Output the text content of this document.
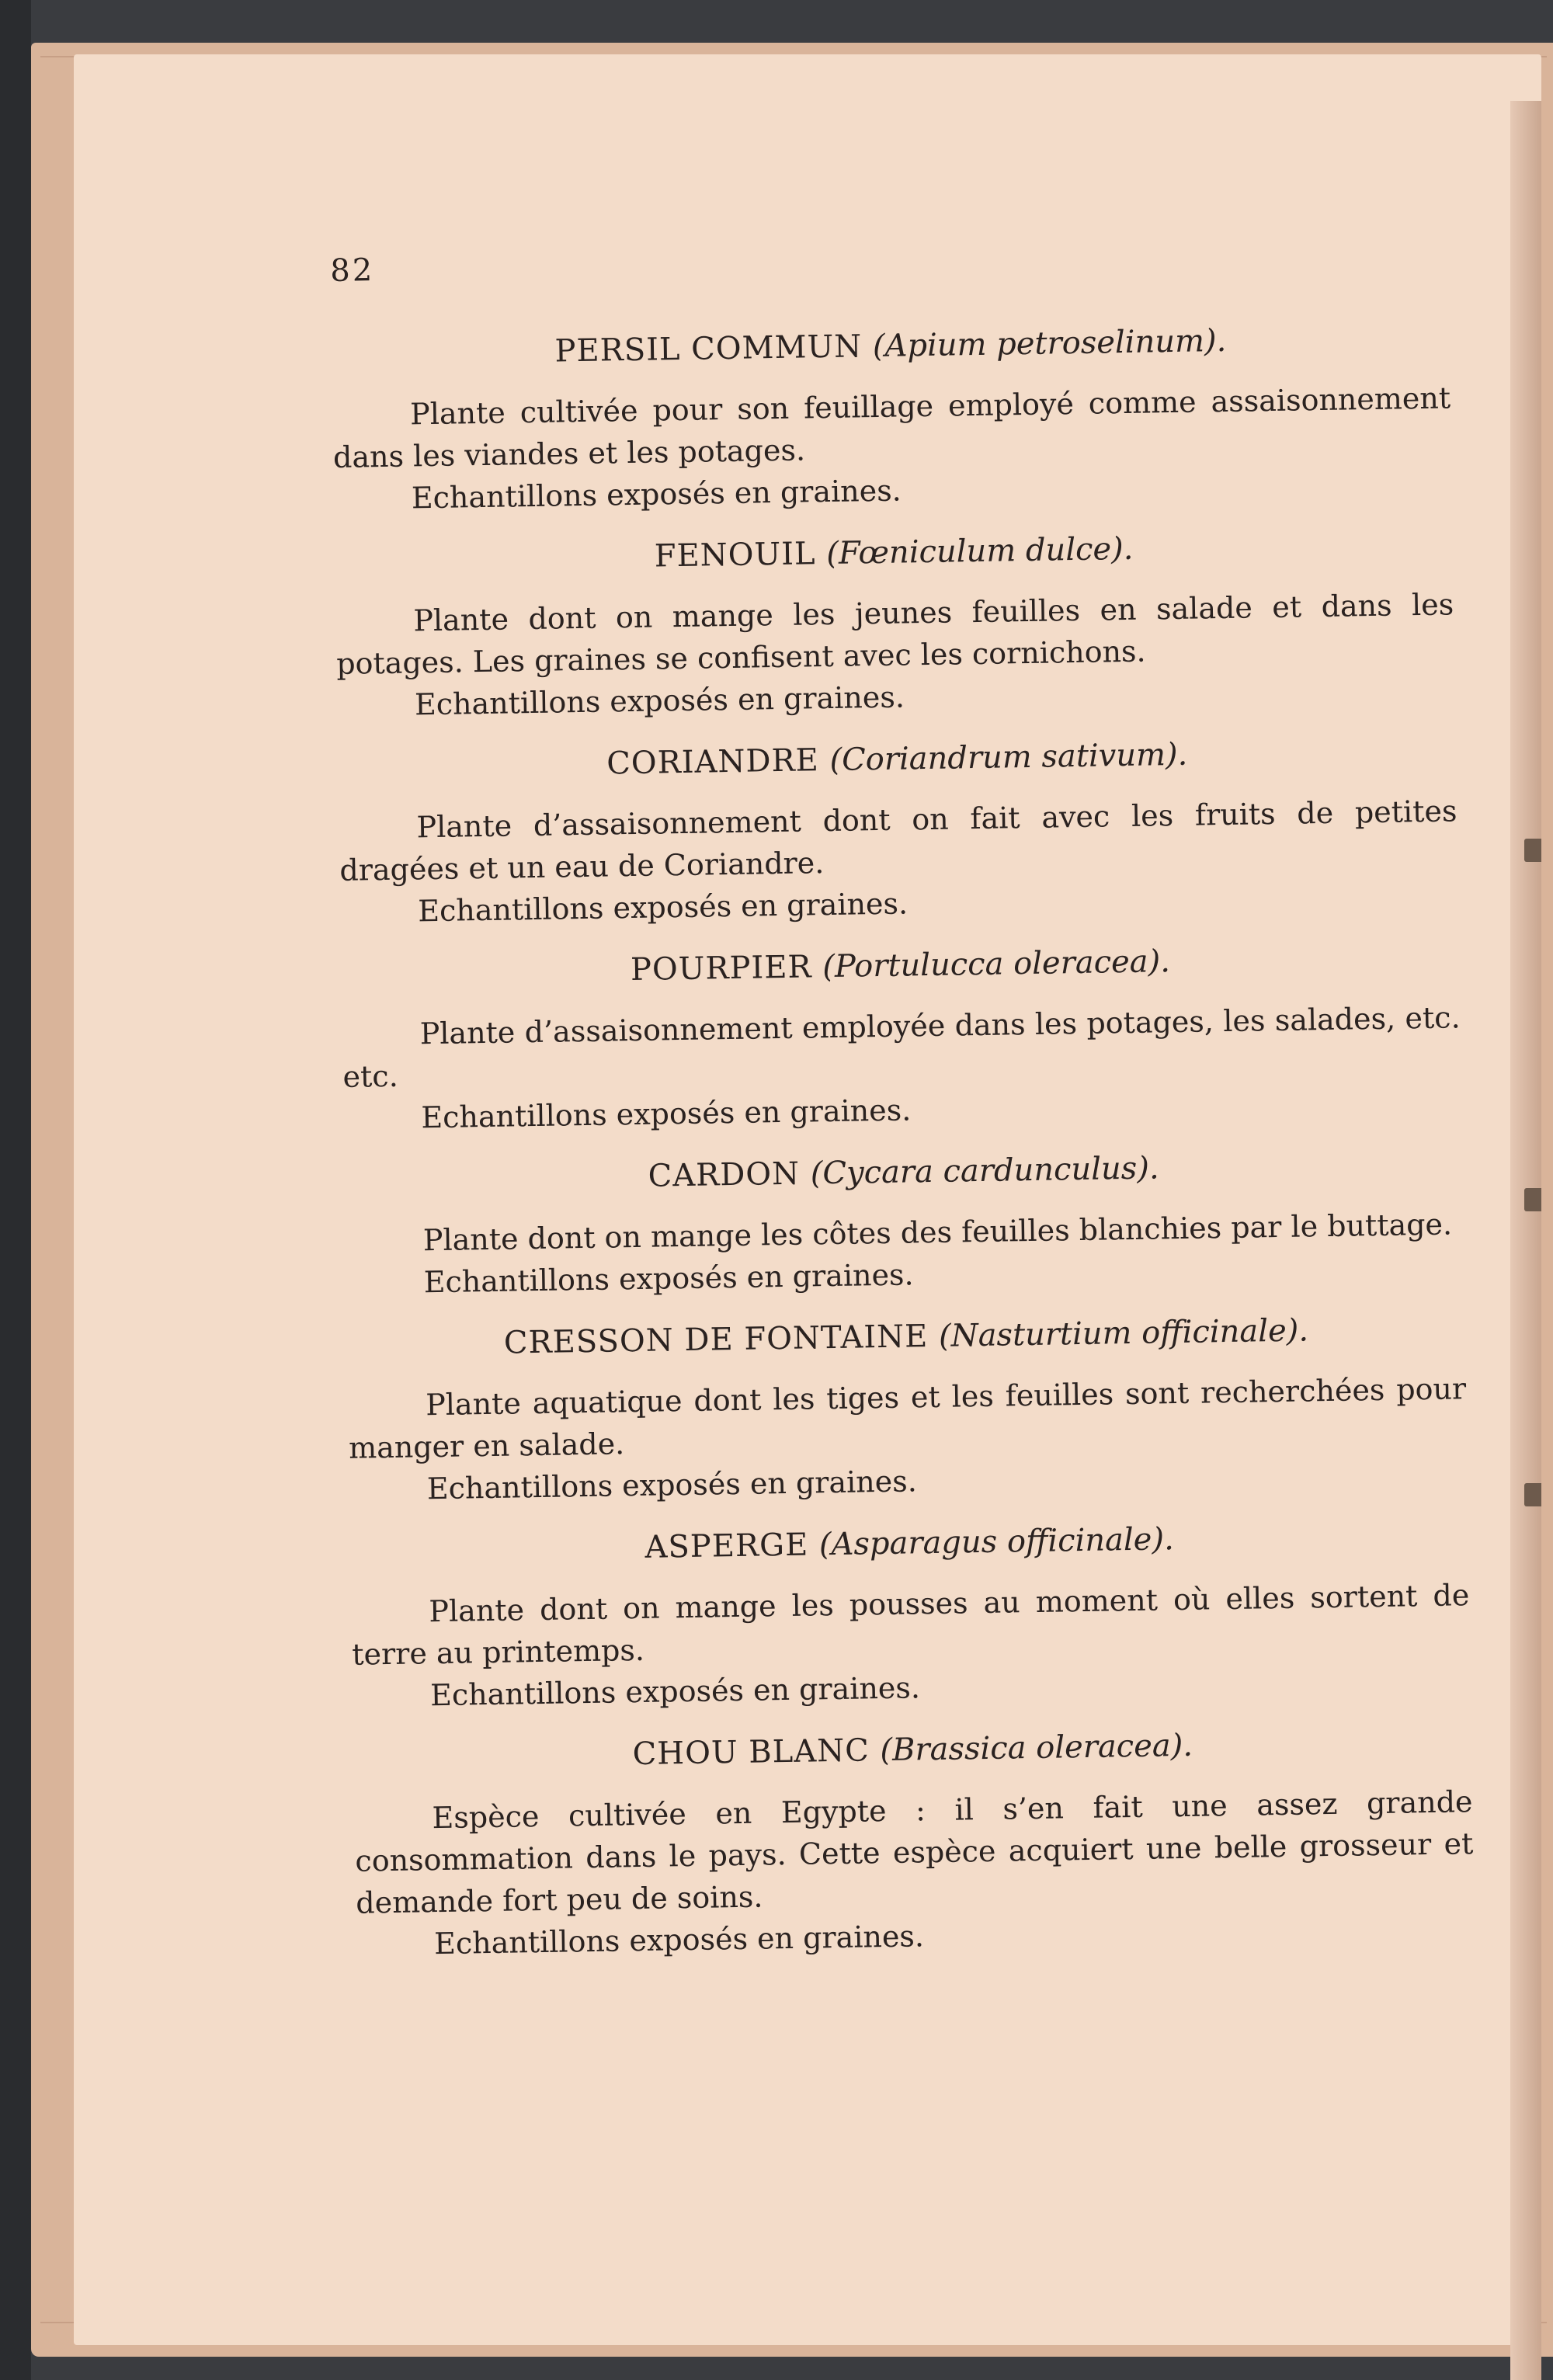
82

PERSIL COMMUN (Apium petroselinum).

Plante cultivée pour son feuillage employé comme assaisonnement dans les viandes et les potages.

Echantillons exposés en graines.

FENOUIL (Fœniculum dulce).

Plante dont on mange les jeunes feuilles en salade et dans les potages. Les graines se confisent avec les cornichons.

Echantillons exposés en graines.

CORIANDRE (Coriandrum sativum).

Plante d’assaisonnement dont on fait avec les fruits de petites dragées et un eau de Coriandre.

Echantillons exposés en graines.

POURPIER (Portulucca oleracea).

Plante d’assaisonnement employée dans les potages, les salades, etc. etc.

Echantillons exposés en graines.

CARDON (Cycara cardunculus).

Plante dont on mange les côtes des feuilles blanchies par le buttage.

Echantillons exposés en graines.

CRESSON DE FONTAINE (Nasturtium officinale).

Plante aquatique dont les tiges et les feuilles sont recherchées pour manger en salade.

Echantillons exposés en graines.

ASPERGE (Asparagus officinale).

Plante dont on mange les pousses au moment où elles sortent de terre au printemps.

Echantillons exposés en graines.

CHOU BLANC (Brassica oleracea).

Espèce cultivée en Egypte : il s’en fait une assez grande consommation dans le pays. Cette espèce acquiert une belle grosseur et demande fort peu de soins.

Echantillons exposés en graines.
